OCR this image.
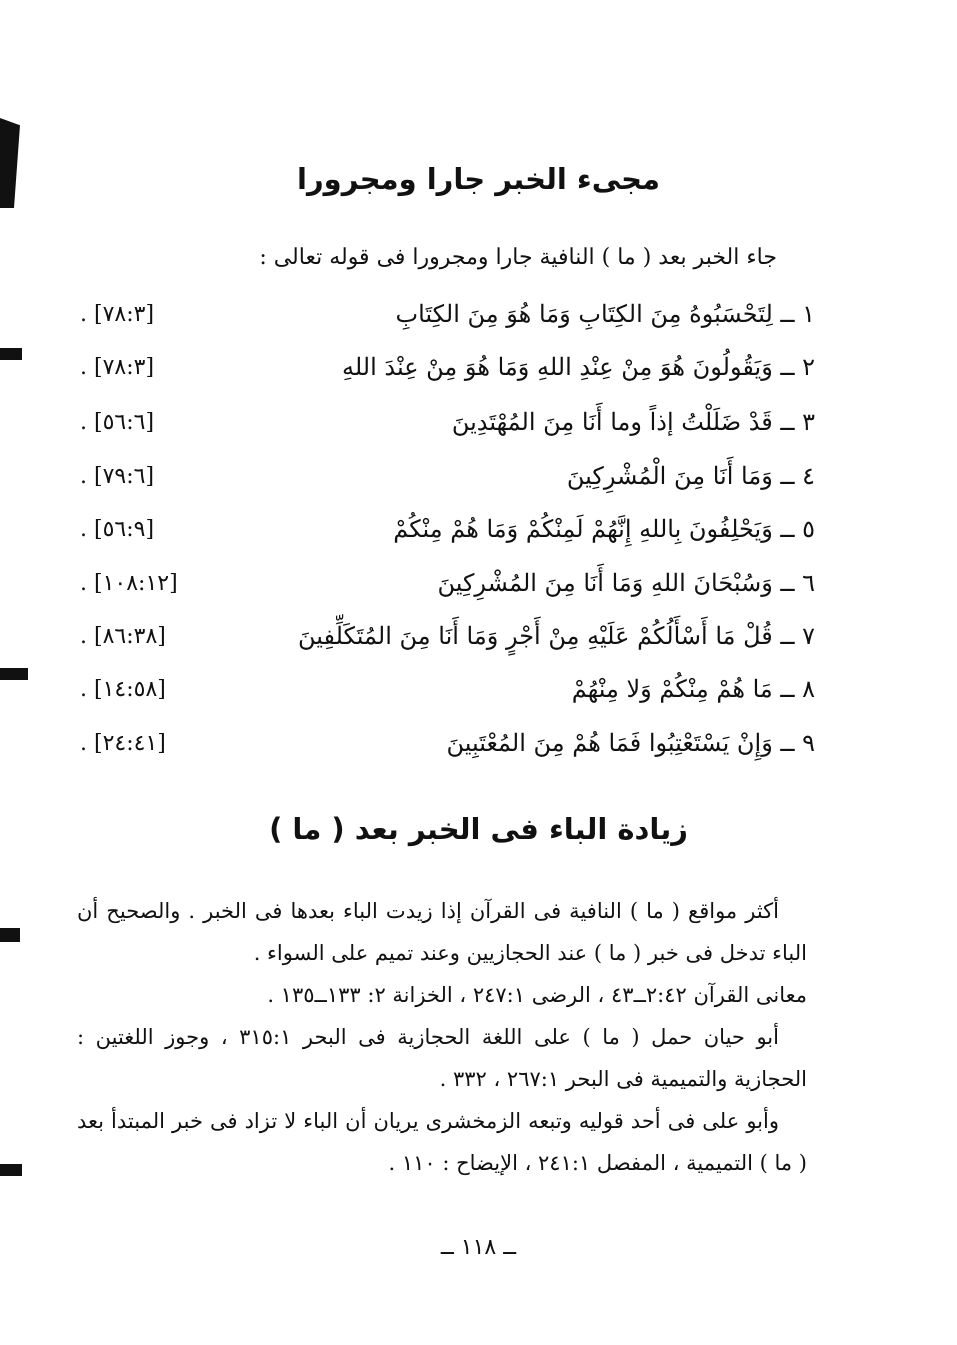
مجىء الخبر جارا ومجرورا
جاء الخبر بعد ( ما ) النافية جارا ومجرورا فى قوله تعالى :
١ ــ لِتَحْسَبُوهُ مِنَ الكِتَابِ وَمَا هُوَ مِنَ الكِتَابِ
[٧٨:٣] .
٢ ــ وَيَقُولُونَ هُوَ مِنْ عِنْدِ اللهِ وَمَا هُوَ مِنْ عِنْدَ اللهِ
[٧٨:٣] .
٣ ــ قَدْ ضَلَلْتُ إذاً وما أَنَا مِنَ المُهْتَدِينَ
[٥٦:٦] .
٤ ــ وَمَا أَنَا مِنَ الْمُشْرِكِينَ
[٧٩:٦] .
٥ ــ وَيَحْلِفُونَ بِاللهِ إِنَّهُمْ لَمِنْكُمْ وَمَا هُمْ مِنْكُمْ
[٥٦:٩] .
٦ ــ وَسُبْحَانَ اللهِ وَمَا أَنَا مِنَ المُشْرِكِينَ
[١٠٨:١٢] .
٧ ــ قُلْ مَا أَسْأَلُكُمْ عَلَيْهِ مِنْ أَجْرٍ وَمَا أَنَا مِنَ المُتَكَلِّفِينَ
[٨٦:٣٨] .
٨ ــ مَا هُمْ مِنْكُمْ وَلا مِنْهُمْ
[١٤:٥٨] .
٩ ــ وَإِنْ يَسْتَعْتِبُوا فَمَا هُمْ مِنَ المُعْتَبِينَ
[٢٤:٤١] .
زيادة الباء فى الخبر بعد ( ما )

أكثر مواقع ( ما ) النافية فى القرآن إذا زيدت الباء بعدها فى الخبر . والصحيح أن الباء تدخل فى خبر ( ما ) عند الحجازيين وعند تميم على السواء .

معانى القرآن ٢:٤٢ــ٤٣ ، الرضى ٢٤٧:١ ، الخزانة ٢: ١٣٣ــ١٣٥ .

أبو حيان حمل ( ما ) على اللغة الحجازية فى البحر ٣١٥:١ ، وجوز اللغتين : الحجازية والتميمية فى البحر ٢٦٧:١ ، ٣٣٢ .

وأبو على فى أحد قوليه وتبعه الزمخشرى يريان أن الباء لا تزاد فى خبر المبتدأ بعد ( ما ) التميمية ، المفصل ٢٤١:١ ، الإيضاح : ١١٠ .

ــ ١١٨ ــ
